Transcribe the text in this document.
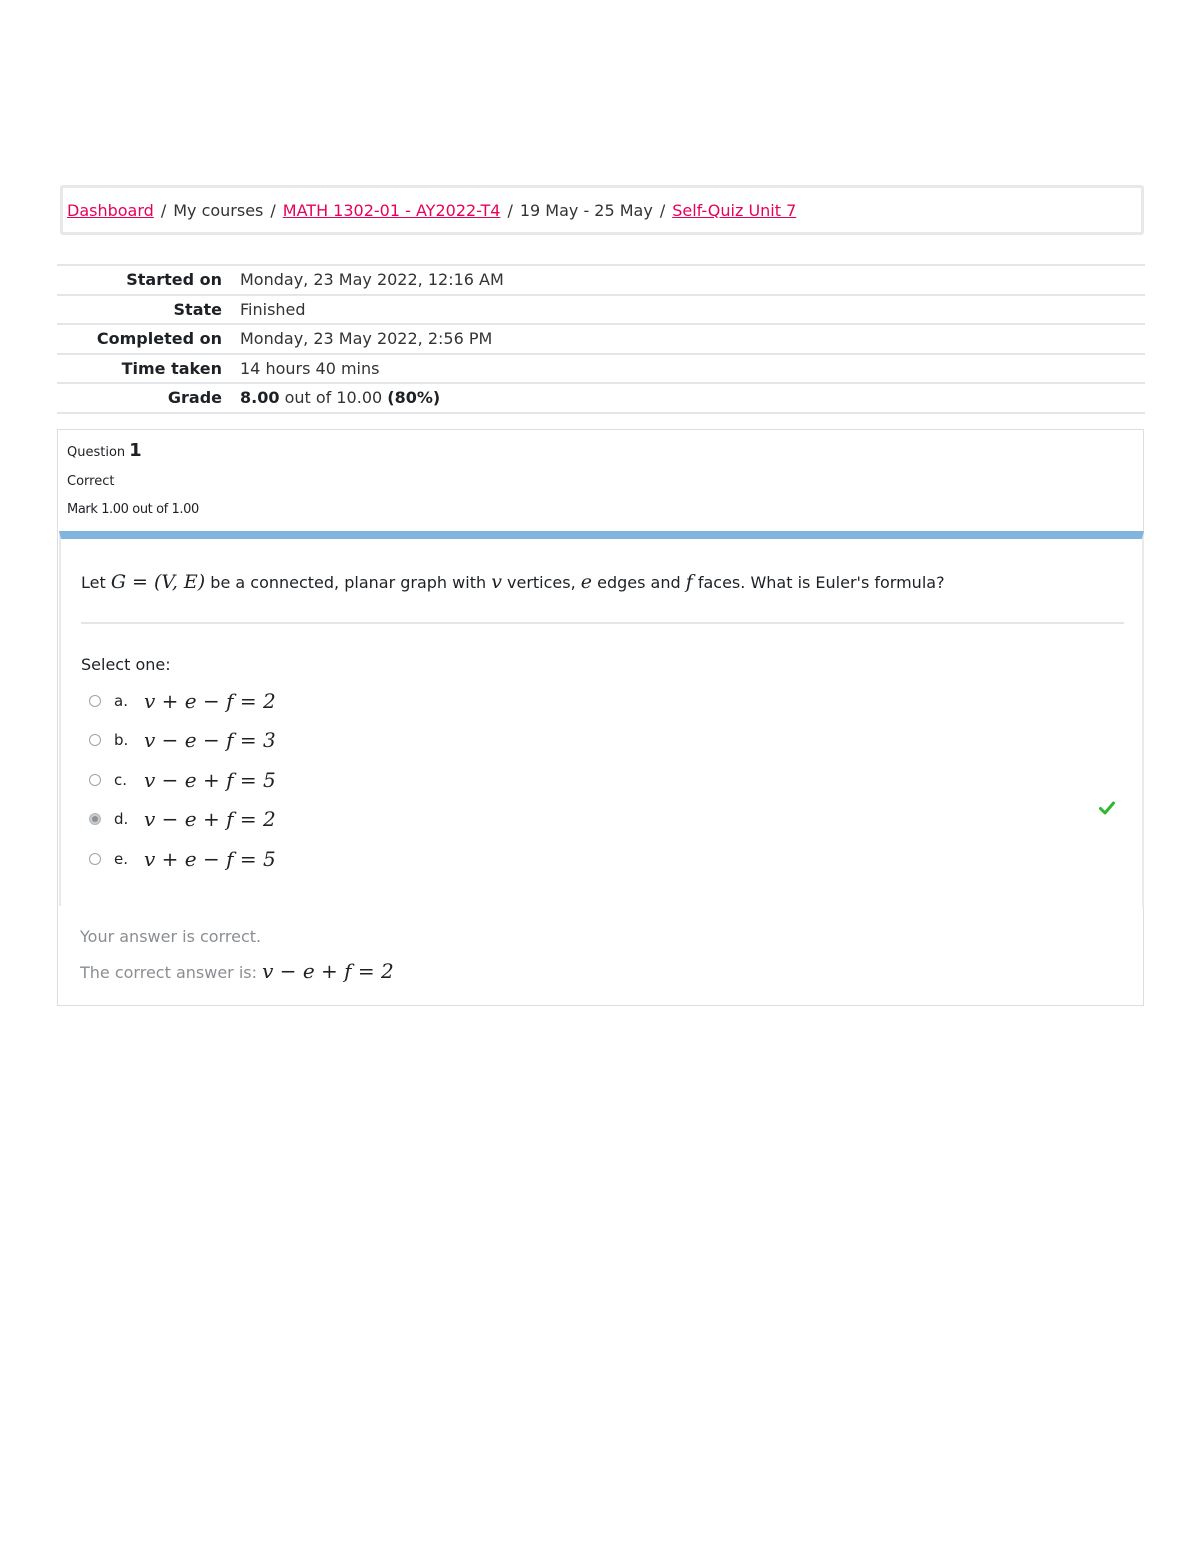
Dashboard / My courses / MATH 1302-01 - AY2022-T4 / 19 May - 25 May / Self-Quiz Unit 7
Started on	Monday, 23 May 2022, 12:16 AM
State	Finished
Completed on	Monday, 23 May 2022, 2:56 PM
Time taken	14 hours 40 mins
Grade	8.00 out of 10.00 (80%)
Question 1
Correct
Mark 1.00 out of 1.00
Let G = (V, E) be a connected, planar graph with v vertices, e edges and f faces. What is Euler's formula?
Select one:
a. v + e − f = 2
b. v − e − f = 3
c. v − e + f = 5
d. v − e + f = 2
e. v + e − f = 5
Your answer is correct.
The correct answer is: v − e + f = 2
